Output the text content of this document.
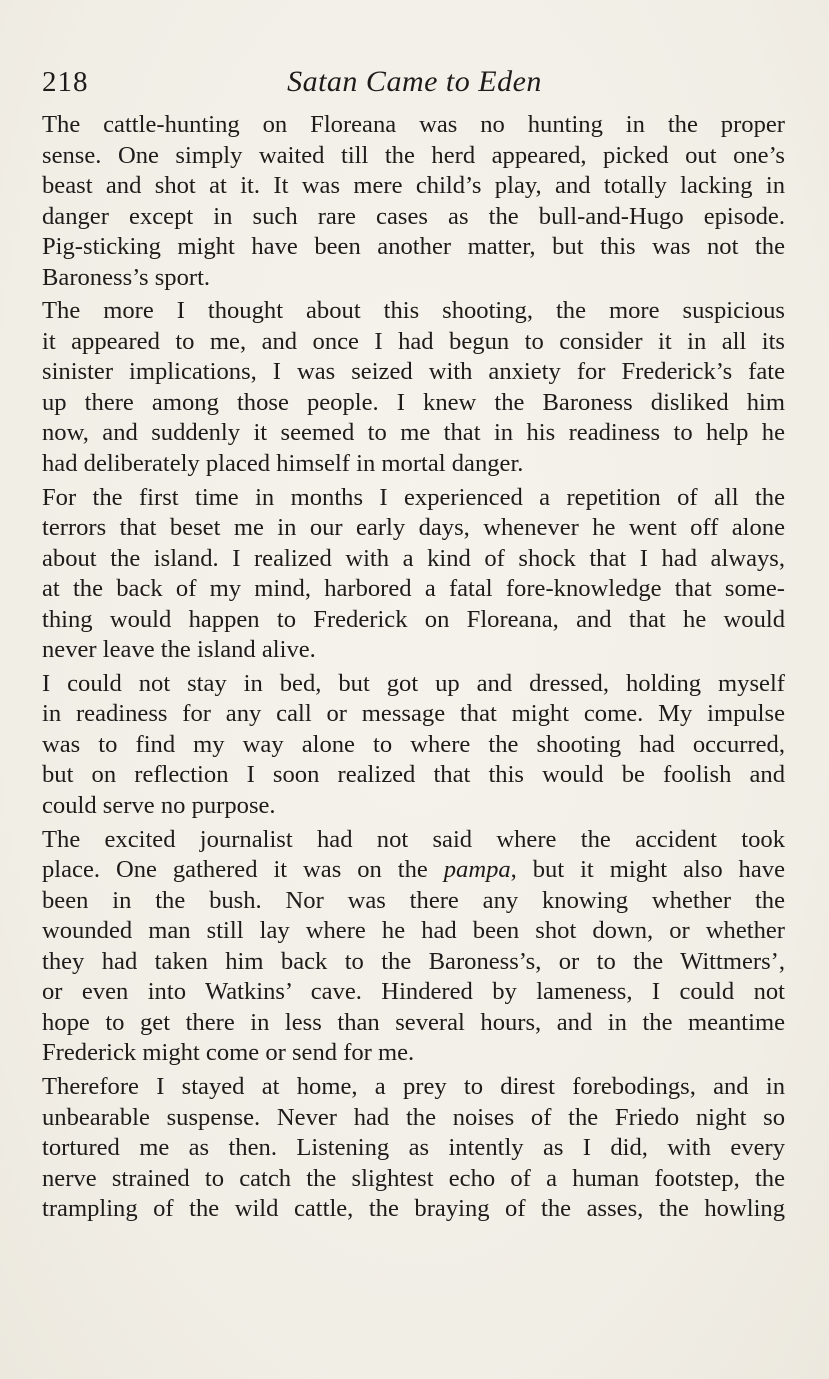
218	Satan Came to Eden

The cattle-hunting on Floreana was no hunting in the proper
sense. One simply waited till the herd appeared, picked out one’s
beast and shot at it. It was mere child’s play, and totally lacking in
danger except in such rare cases as the bull-and-Hugo episode.
Pig-sticking might have been another matter, but this was not the
Baroness’s sport.

The more I thought about this shooting, the more suspicious
it appeared to me, and once I had begun to consider it in all its
sinister implications, I was seized with anxiety for Frederick’s fate
up there among those people. I knew the Baroness disliked him
now, and suddenly it seemed to me that in his readiness to help he
had deliberately placed himself in mortal danger.

For the first time in months I experienced a repetition of all the
terrors that beset me in our early days, whenever he went off alone
about the island. I realized with a kind of shock that I had always,
at the back of my mind, harbored a fatal fore-knowledge that some-
thing would happen to Frederick on Floreana, and that he would
never leave the island alive.

I could not stay in bed, but got up and dressed, holding myself
in readiness for any call or message that might come. My impulse
was to find my way alone to where the shooting had occurred,
but on reflection I soon realized that this would be foolish and
could serve no purpose.

The excited journalist had not said where the accident took
place. One gathered it was on the pampa, but it might also have
been in the bush. Nor was there any knowing whether the
wounded man still lay where he had been shot down, or whether
they had taken him back to the Baroness’s, or to the Wittmers’,
or even into Watkins’ cave. Hindered by lameness, I could not
hope to get there in less than several hours, and in the meantime
Frederick might come or send for me.

Therefore I stayed at home, a prey to direst forebodings, and in
unbearable suspense. Never had the noises of the Friedo night so
tortured me as then. Listening as intently as I did, with every
nerve strained to catch the slightest echo of a human footstep, the
trampling of the wild cattle, the braying of the asses, the howling
